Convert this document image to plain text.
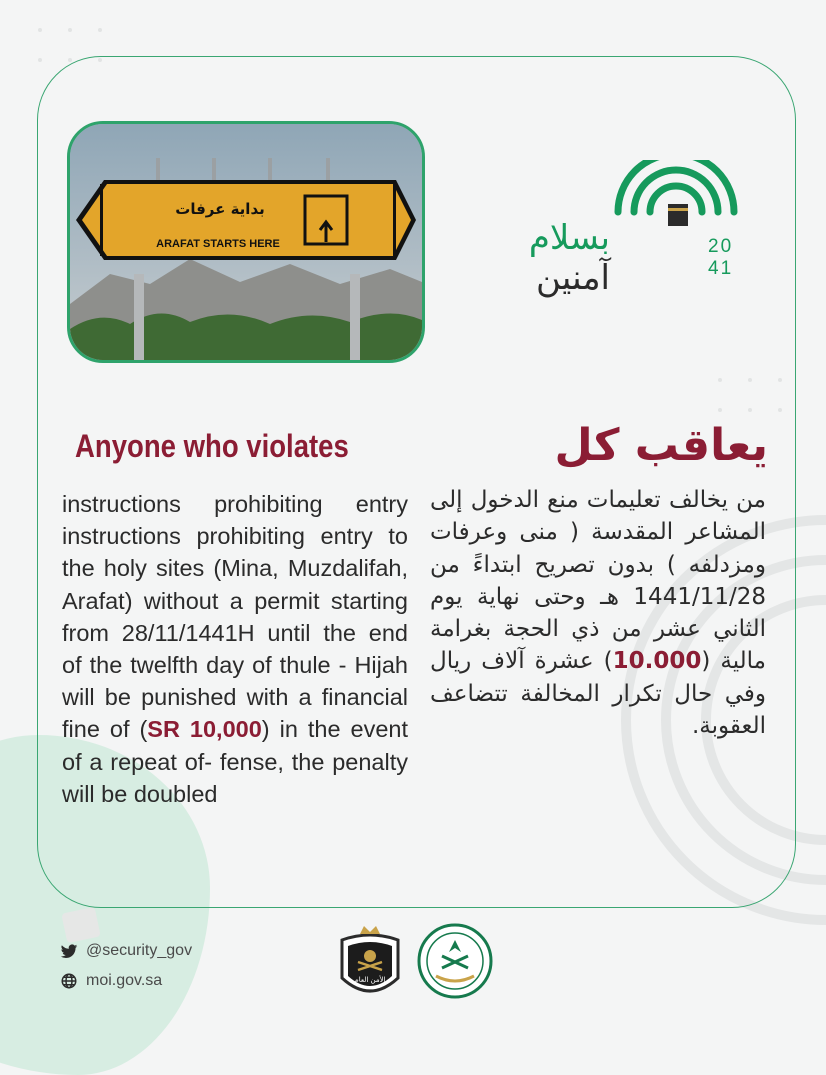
بداية عرفات
ARAFAT STARTS HERE	بسلام
آمنين
20
41
Anyone who violates
instructions prohibiting entry instructions prohibiting entry to the holy sites (Mina, Muzdalifah, Arafat) without a permit starting from 28/11/1441H until the end of the twelfth day of thule - Hijah will be punished with a financial fine of (SR 10,000) in the event of a repeat of- fense, the penalty will be doubled
يعاقب كل
من يخالف تعليمات منع الدخول إلى المشاعر المقدسة ( منى وعرفات ومزدلفه ) بدون تصريح ابتداءً من 1441/11/28 هـ وحتى نهاية يوم الثاني عشر من ذي الحجة بغرامة مالية (10.000) عشرة آلاف ريال وفي حال تكرار المخالفة تتضاعف العقوبة.
@security_gov
moi.gov.sa	الأمن العام
